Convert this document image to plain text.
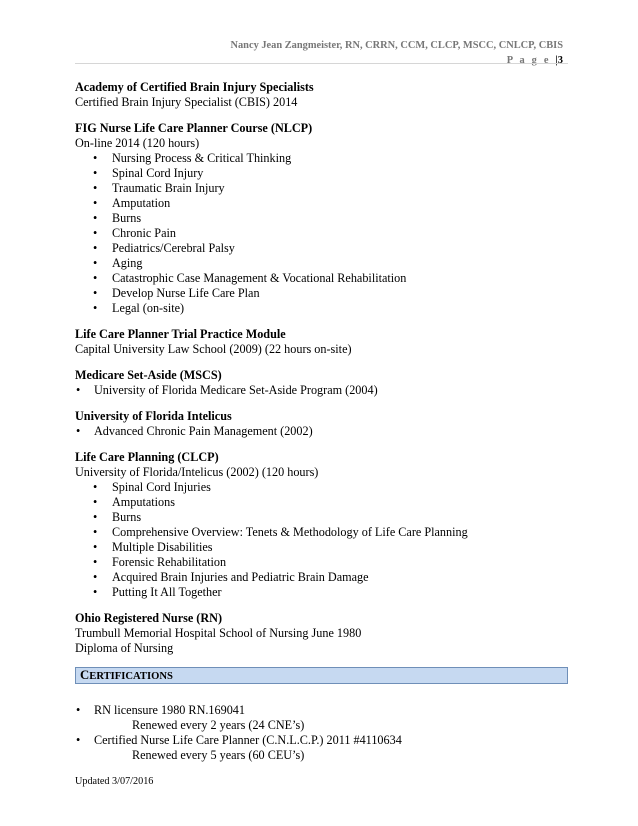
Nancy Jean Zangmeister, RN, CRRN, CCM, CLCP, MSCC, CNLCP, CBIS
P a g e |3
Academy of Certified Brain Injury Specialists
Certified Brain Injury Specialist (CBIS) 2014
FIG Nurse Life Care Planner Course (NLCP)
On-line 2014 (120 hours)
• Nursing Process & Critical Thinking
• Spinal Cord Injury
• Traumatic Brain Injury
• Amputation
• Burns
• Chronic Pain
• Pediatrics/Cerebral Palsy
• Aging
• Catastrophic Case Management & Vocational Rehabilitation
• Develop Nurse Life Care Plan
• Legal (on-site)
Life Care Planner Trial Practice Module
Capital University Law School (2009) (22 hours on-site)
Medicare Set-Aside (MSCS)
• University of Florida Medicare Set-Aside Program (2004)
University of Florida Intelicus
• Advanced Chronic Pain Management (2002)
Life Care Planning (CLCP)
University of Florida/Intelicus (2002) (120 hours)
• Spinal Cord Injuries
• Amputations
• Burns
• Comprehensive Overview: Tenets & Methodology of Life Care Planning
• Multiple Disabilities
• Forensic Rehabilitation
• Acquired Brain Injuries and Pediatric Brain Damage
• Putting It All Together
Ohio Registered Nurse (RN)
Trumbull Memorial Hospital School of Nursing June 1980
Diploma of Nursing
CERTIFICATIONS
• RN licensure 1980 RN.169041
Renewed every 2 years (24 CNE’s)
• Certified Nurse Life Care Planner (C.N.L.C.P.) 2011 #4110634
Renewed every 5 years (60 CEU’s)
Updated 3/07/2016
